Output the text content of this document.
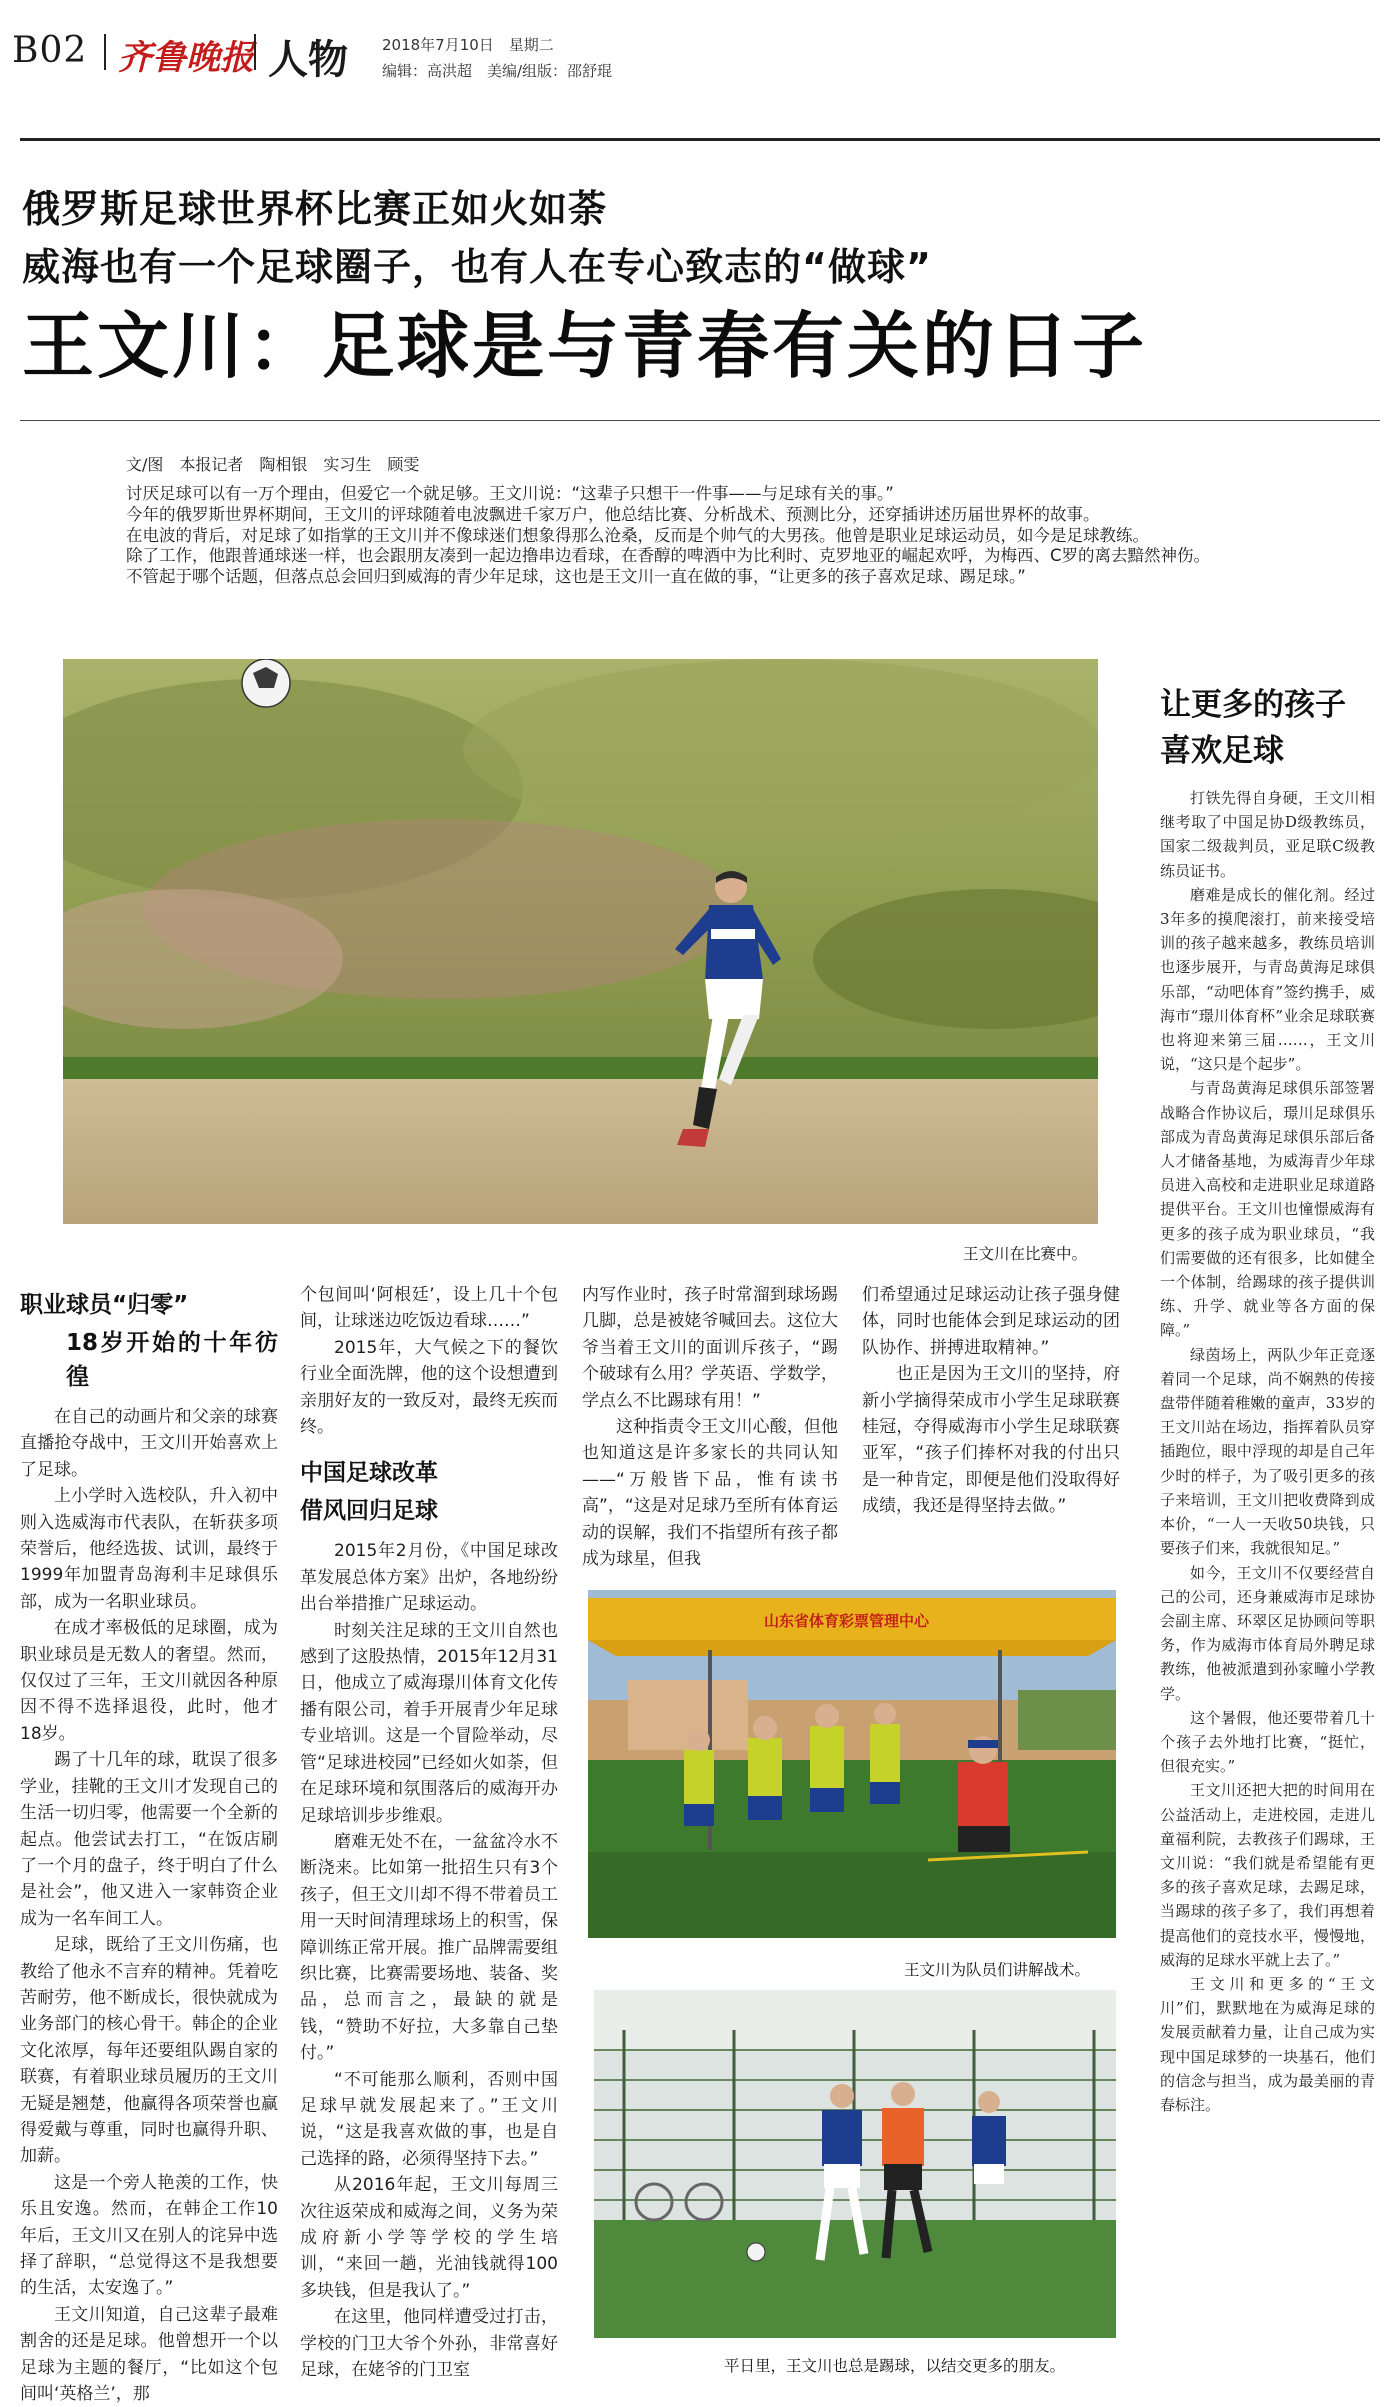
B02 齐鲁晚报 人物 2018年7月10日　星期二
编辑：高洪超　美编/组版：邵舒琨
俄罗斯足球世界杯比赛正如火如荼
威海也有一个足球圈子，也有人在专心致志的“做球”
王文川：足球是与青春有关的日子
文/图　本报记者　陶相银　实习生　顾雯

讨厌足球可以有一万个理由，但爱它一个就足够。王文川说：“这辈子只想干一件事——与足球有关的事。”

今年的俄罗斯世界杯期间，王文川的评球随着电波飘进千家万户，他总结比赛、分析战术、预测比分，还穿插讲述历届世界杯的故事。

在电波的背后，对足球了如指掌的王文川并不像球迷们想象得那么沧桑，反而是个帅气的大男孩。他曾是职业足球运动员，如今是足球教练。

除了工作，他跟普通球迷一样，也会跟朋友凑到一起边撸串边看球，在香醇的啤酒中为比利时、克罗地亚的崛起欢呼，为梅西、C罗的离去黯然神伤。

不管起于哪个话题，但落点总会回归到威海的青少年足球，这也是王文川一直在做的事，“让更多的孩子喜欢足球、踢足球。”

王文川在比赛中。
让更多的孩子
喜欢足球

打铁先得自身硬，王文川相继考取了中国足协D级教练员，国家二级裁判员，亚足联C级教练员证书。

磨难是成长的催化剂。经过3年多的摸爬滚打，前来接受培训的孩子越来越多，教练员培训也逐步展开，与青岛黄海足球俱乐部，“动吧体育”签约携手，威海市“璟川体育杯”业余足球联赛也将迎来第三届……，王文川说，“这只是个起步”。

与青岛黄海足球俱乐部签署战略合作协议后，璟川足球俱乐部成为青岛黄海足球俱乐部后备人才储备基地，为威海青少年球员进入高校和走进职业足球道路提供平台。王文川也憧憬威海有更多的孩子成为职业球员，“我们需要做的还有很多，比如健全一个体制，给踢球的孩子提供训练、升学、就业等各方面的保障。”

绿茵场上，两队少年正竞逐着同一个足球，尚不娴熟的传接盘带伴随着稚嫩的童声，33岁的王文川站在场边，指挥着队员穿插跑位，眼中浮现的却是自己年少时的样子，为了吸引更多的孩子来培训，王文川把收费降到成本价，“一人一天收50块钱，只要孩子们来，我就很知足。”

如今，王文川不仅要经营自己的公司，还身兼威海市足球协会副主席、环翠区足协顾问等职务，作为威海市体育局外聘足球教练，他被派遣到孙家疃小学教学。

这个暑假，他还要带着几十个孩子去外地打比赛，“挺忙，但很充实。”

王文川还把大把的时间用在公益活动上，走进校园，走进儿童福利院，去教孩子们踢球，王文川说：“我们就是希望能有更多的孩子喜欢足球，去踢足球，当踢球的孩子多了，我们再想着提高他们的竞技水平，慢慢地，威海的足球水平就上去了。”

王文川和更多的“王文川”们，默默地在为威海足球的发展贡献着力量，让自己成为实现中国足球梦的一块基石，他们的信念与担当，成为最美丽的青春标注。

职业球员“归零”
18岁开始的十年彷徨

在自己的动画片和父亲的球赛直播抢夺战中，王文川开始喜欢上了足球。

上小学时入选校队，升入初中则入选威海市代表队，在斩获多项荣誉后，他经选拔、试训，最终于1999年加盟青岛海利丰足球俱乐部，成为一名职业球员。

在成才率极低的足球圈，成为职业球员是无数人的奢望。然而，仅仅过了三年，王文川就因各种原因不得不选择退役，此时，他才18岁。

踢了十几年的球，耽误了很多学业，挂靴的王文川才发现自己的生活一切归零，他需要一个全新的起点。他尝试去打工，“在饭店刷了一个月的盘子，终于明白了什么是社会”，他又进入一家韩资企业成为一名车间工人。

足球，既给了王文川伤痛，也教给了他永不言弃的精神。凭着吃苦耐劳，他不断成长，很快就成为业务部门的核心骨干。韩企的企业文化浓厚，每年还要组队踢自家的联赛，有着职业球员履历的王文川无疑是翘楚，他赢得各项荣誉也赢得爱戴与尊重，同时也赢得升职、加薪。

这是一个旁人艳羡的工作，快乐且安逸。然而，在韩企工作10年后，王文川又在别人的诧异中选择了辞职，“总觉得这不是我想要的生活，太安逸了。”

王文川知道，自己这辈子最难割舍的还是足球。他曾想开一个以足球为主题的餐厅，“比如这个包间叫‘英格兰’，那

个包间叫‘阿根廷’，设上几十个包间，让球迷边吃饭边看球……”

2015年，大气候之下的餐饮行业全面洗牌，他的这个设想遭到亲朋好友的一致反对，最终无疾而终。

中国足球改革
借风回归足球

2015年2月份，《中国足球改革发展总体方案》出炉，各地纷纷出台举措推广足球运动。

时刻关注足球的王文川自然也感到了这股热情，2015年12月31日，他成立了威海璟川体育文化传播有限公司，着手开展青少年足球专业培训。这是一个冒险举动，尽管“足球进校园”已经如火如荼，但在足球环境和氛围落后的威海开办足球培训步步维艰。

磨难无处不在，一盆盆冷水不断浇来。比如第一批招生只有3个孩子，但王文川却不得不带着员工用一天时间清理球场上的积雪，保障训练正常开展。推广品牌需要组织比赛，比赛需要场地、装备、奖品，总而言之，最缺的就是钱，“赞助不好拉，大多靠自己垫付。”

“不可能那么顺利，否则中国足球早就发展起来了。”王文川说，“这是我喜欢做的事，也是自己选择的路，必须得坚持下去。”

从2016年起，王文川每周三次往返荣成和威海之间，义务为荣成府新小学等学校的学生培训，“来回一趟，光油钱就得100多块钱，但是我认了。”

在这里，他同样遭受过打击，学校的门卫大爷个外孙，非常喜好足球，在姥爷的门卫室

内写作业时，孩子时常溜到球场踢几脚，总是被姥爷喊回去。这位大爷当着王文川的面训斥孩子，“踢个破球有么用？学英语、学数学，学点么不比踢球有用！”

这种指责令王文川心酸，但他也知道这是许多家长的共同认知——“万般皆下品，惟有读书高”，“这是对足球乃至所有体育运动的误解，我们不指望所有孩子都成为球星，但我

们希望通过足球运动让孩子强身健体，同时也能体会到足球运动的团队协作、拼搏进取精神。”

也正是因为王文川的坚持，府新小学摘得荣成市小学生足球联赛桂冠，夺得威海市小学生足球联赛亚军，“孩子们捧杯对我的付出只是一种肯定，即便是他们没取得好成绩，我还是得坚持去做。”

山东省体育彩票管理中心
王文川为队员们讲解战术。
平日里，王文川也总是踢球，以结交更多的朋友。
